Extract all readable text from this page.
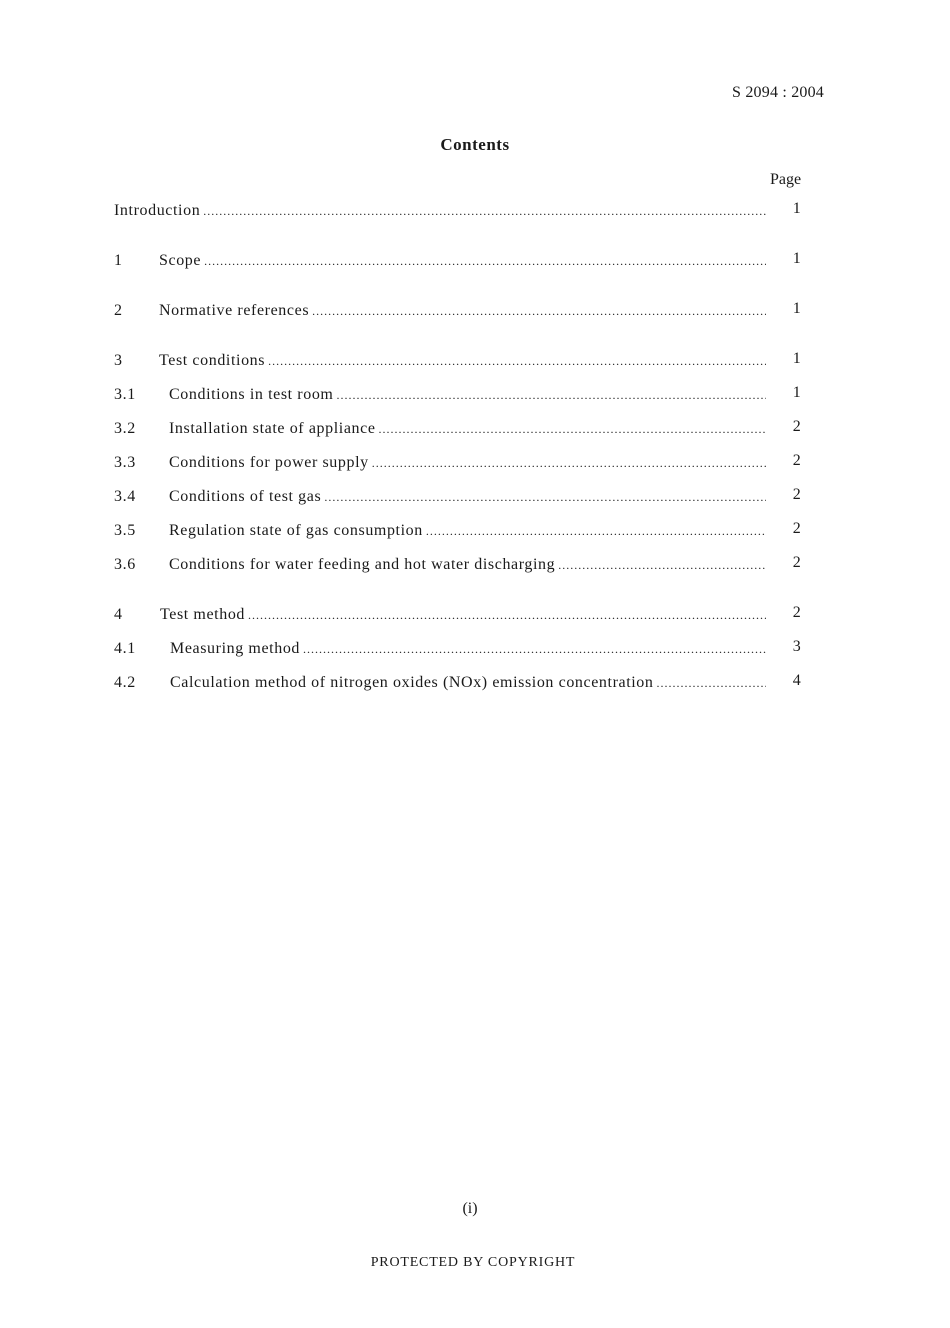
S 2094 : 2004
Contents
Page
Introduction .....	1
1 Scope .....	1
2 Normative references .....	1
3 Test conditions .....	1
3.1 Conditions in test room .....	1
3.2 Installation state of appliance .....	2
3.3 Conditions for power supply .....	2
3.4 Conditions of test gas .....	2
3.5 Regulation state of gas consumption .....	2
3.6 Conditions for water feeding and hot water discharging .....	2
4 Test method .....	2
4.1 Measuring method .....	3
4.2 Calculation method of nitrogen oxides (NOx) emission concentration .....	4
(i)
PROTECTED BY COPYRIGHT
